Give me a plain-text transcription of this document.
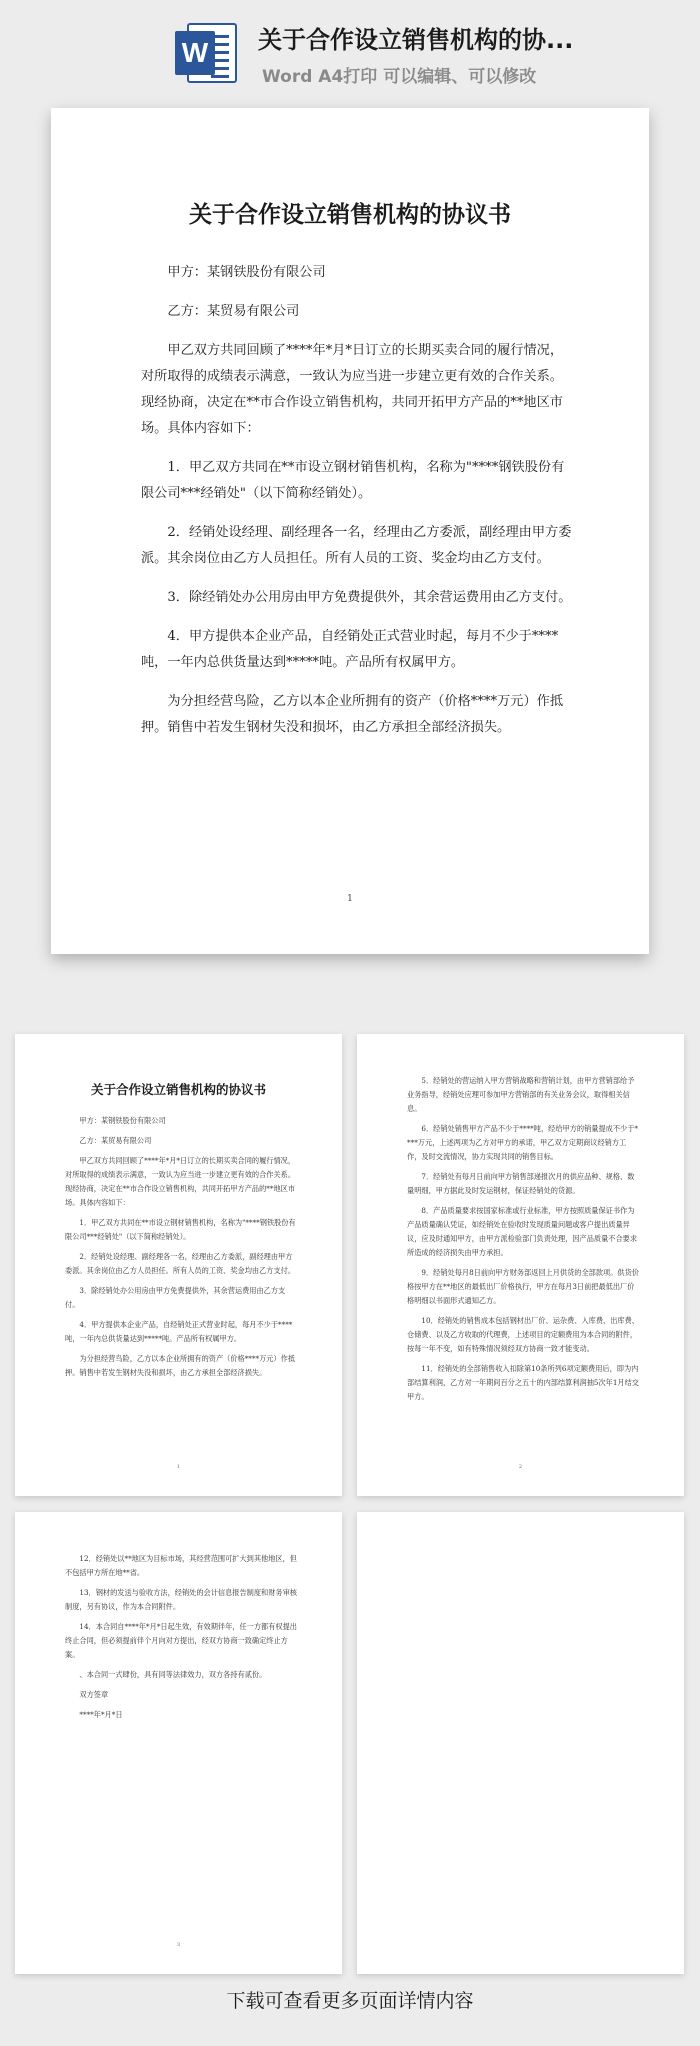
W 关于合作设立销售机构的协...
Word A4打印 可以编辑、可以修改
关于合作设立销售机构的协议书

甲方：某钢铁股份有限公司

乙方：某贸易有限公司

甲乙双方共同回顾了****年*月*日订立的长期买卖合同的履行情况，对所取得的成绩表示满意，一致认为应当进一步建立更有效的合作关系。现经协商，决定在**市合作设立销售机构，共同开拓甲方产品的**地区市场。具体内容如下：

1．甲乙双方共同在**市设立钢材销售机构，名称为"****钢铁股份有限公司***经销处"（以下简称经销处）。

2．经销处设经理、副经理各一名，经理由乙方委派，副经理由甲方委派。其余岗位由乙方人员担任。所有人员的工资、奖金均由乙方支付。

3．除经销处办公用房由甲方免费提供外，其余营运费用由乙方支付。

4．甲方提供本企业产品，自经销处正式营业时起，每月不少于****吨，一年内总供货量达到*****吨。产品所有权属甲方。

为分担经营鸟险，乙方以本企业所拥有的资产（价格****万元）作抵押。销售中若发生钢材失没和损坏，由乙方承担全部经济损失。

1
关于合作设立销售机构的协议书

甲方：某钢铁股份有限公司

乙方：某贸易有限公司

甲乙双方共同回顾了****年*月*日订立的长期买卖合同的履行情况，对所取得的成绩表示满意，一致认为应当进一步建立更有效的合作关系。现经协商，决定在**市合作设立销售机构，共同开拓甲方产品的**地区市场。具体内容如下：

1．甲乙双方共同在**市设立钢材销售机构，名称为"****钢铁股份有限公司***经销处"（以下简称经销处）。

2．经销处设经理、副经理各一名，经理由乙方委派，副经理由甲方委派。其余岗位由乙方人员担任。所有人员的工资、奖金均由乙方支付。

3．除经销处办公用房由甲方免费提供外，其余营运费用由乙方支付。

4．甲方提供本企业产品，自经销处正式营业时起，每月不少于****吨，一年内总供货量达到*****吨。产品所有权属甲方。

为分担经营鸟险，乙方以本企业所拥有的资产（价格****万元）作抵押。销售中若发生钢材失没和损坏，由乙方承担全部经济损失。

1

5．经销处的营运纳入甲方营销战略和营销计划，由甲方营销部给予业务指导，经销处应理可参加甲方营销部的有关业务会议，取得相关信息。

6．经销处销售甲方产品不少于****吨，经给甲方的销量提成不少于****万元，上述两项为乙方对甲方的承诺，甲乙双方定期商议经销方工作，及时交流情况，协力实现共同的销售目标。

7．经销处有每月日前向甲方销售部递报次月的供应品种、规格、数量明细，甲方据此及时发运钢材，保证经销处的货源。

8．产品质量要求按国家标准或行业标准，甲方按照质量保证书作为产品质量确认凭证，如经销处在验收时发现质量问题或客户提出质量异议，应及时通知甲方，由甲方派检验部门负责处理，因产品质量不合要求所造成的经济损失由甲方承担。

9．经销处每月8日前向甲方财务部返回上月供货的全部款项。供货价格按甲方在**地区的最低出厂价格执行，甲方在每月3日前把最低出厂价格明细以书面形式通知乙方。

10．经销处的销售成本包括钢材出厂价、运杂费、入库费、出库费、仓储费、以及乙方收取的代理费，上述项目的定额费用为本合同的附件，按每一年不变，如有特殊情况须经双方协商一致才能变动。

11．经销处的全部销售收入扣除第10条所列6项定额费用后，即为内部结算利润，乙方对一年期间百分之五十的内部结算利润抽5次年1月结交甲方。

2

12．经销处以**地区为目标市场，其经营范围可扩大到其他地区，但不包括甲方所在地**省。

13．钢材的发送与验收方法，经销处的会计信息报告制度和财务审核制度，另有协议，作为本合同附件。

14．本合同自****年*月*日起生效，有效期伴年，任一方都有权提出终止合同，但必须提前伴个月向对方提出，经双方协商一致确定终止方案。

、本合同一式肆份，具有同等法律效力，双方各持有贰份。

双方签章

****年*月*日

3
下载可查看更多页面详情内容
